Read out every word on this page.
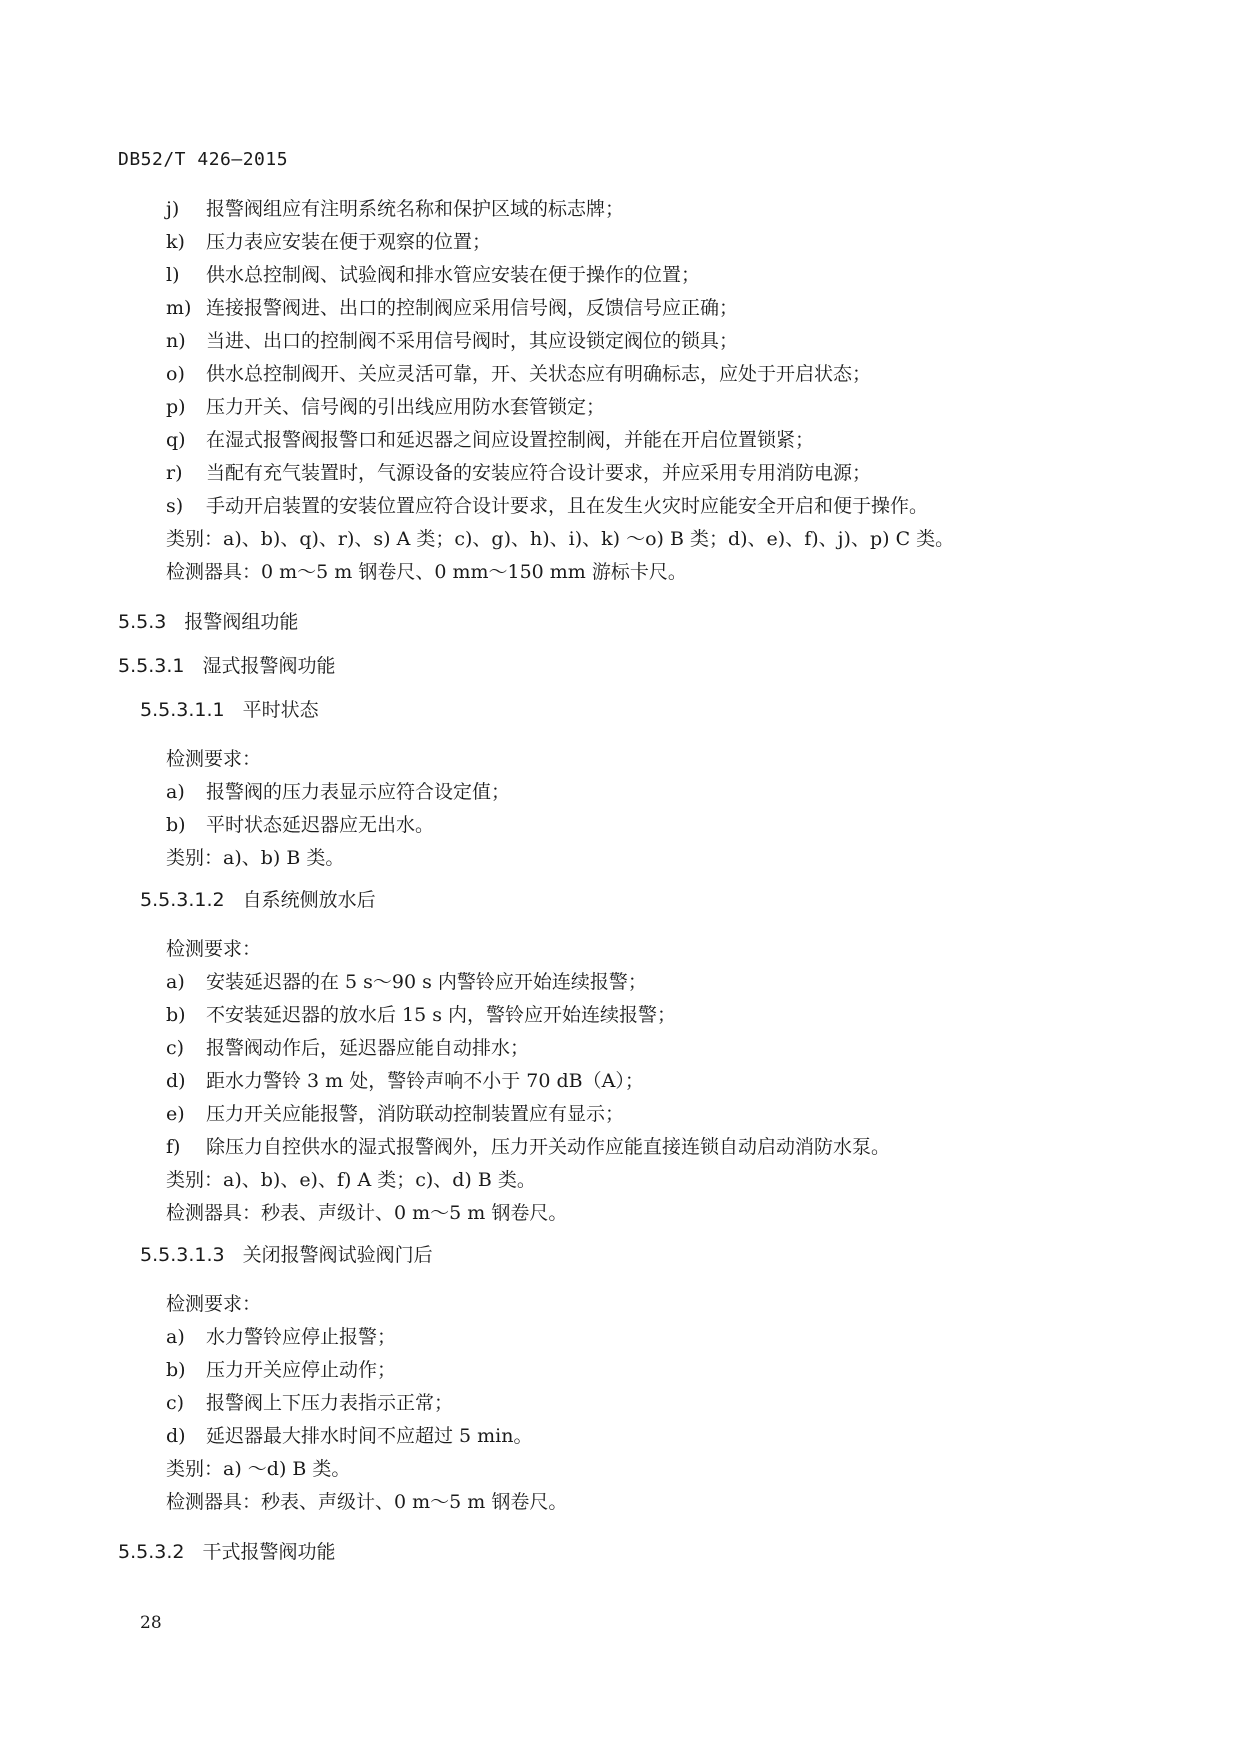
DB52/T 426—2015
j) 报警阀组应有注明系统名称和保护区域的标志牌；
k) 压力表应安装在便于观察的位置；
l) 供水总控制阀、试验阀和排水管应安装在便于操作的位置；
m) 连接报警阀进、出口的控制阀应采用信号阀，反馈信号应正确；
n) 当进、出口的控制阀不采用信号阀时，其应设锁定阀位的锁具；
o) 供水总控制阀开、关应灵活可靠，开、关状态应有明确标志，应处于开启状态；
p) 压力开关、信号阀的引出线应用防水套管锁定；
q) 在湿式报警阀报警口和延迟器之间应设置控制阀，并能在开启位置锁紧；
r) 当配有充气装置时，气源设备的安装应符合设计要求，并应采用专用消防电源；
s) 手动开启装置的安装位置应符合设计要求，且在发生火灾时应能安全开启和便于操作。
类别：a)、b)、q)、r)、s) A 类；c)、g)、h)、i)、k) ～o) B 类；d)、e)、f)、j)、p) C 类。
检测器具：0 m～5 m 钢卷尺、0 mm～150 mm 游标卡尺。
5.5.3 报警阀组功能
5.5.3.1 湿式报警阀功能
5.5.3.1.1 平时状态
检测要求：
a) 报警阀的压力表显示应符合设定值；
b) 平时状态延迟器应无出水。
类别：a)、b) B 类。
5.5.3.1.2 自系统侧放水后
检测要求：
a) 安装延迟器的在 5 s～90 s 内警铃应开始连续报警；
b) 不安装延迟器的放水后 15 s 内，警铃应开始连续报警；
c) 报警阀动作后，延迟器应能自动排水；
d) 距水力警铃 3 m 处，警铃声响不小于 70 dB（A）；
e) 压力开关应能报警，消防联动控制装置应有显示；
f) 除压力自控供水的湿式报警阀外，压力开关动作应能直接连锁自动启动消防水泵。
类别：a)、b)、e)、f) A 类；c)、d) B 类。
检测器具：秒表、声级计、0 m～5 m 钢卷尺。
5.5.3.1.3 关闭报警阀试验阀门后
检测要求：
a) 水力警铃应停止报警；
b) 压力开关应停止动作；
c) 报警阀上下压力表指示正常；
d) 延迟器最大排水时间不应超过 5 min。
类别：a) ～d) B 类。
检测器具：秒表、声级计、0 m～5 m 钢卷尺。
5.5.3.2 干式报警阀功能
28
